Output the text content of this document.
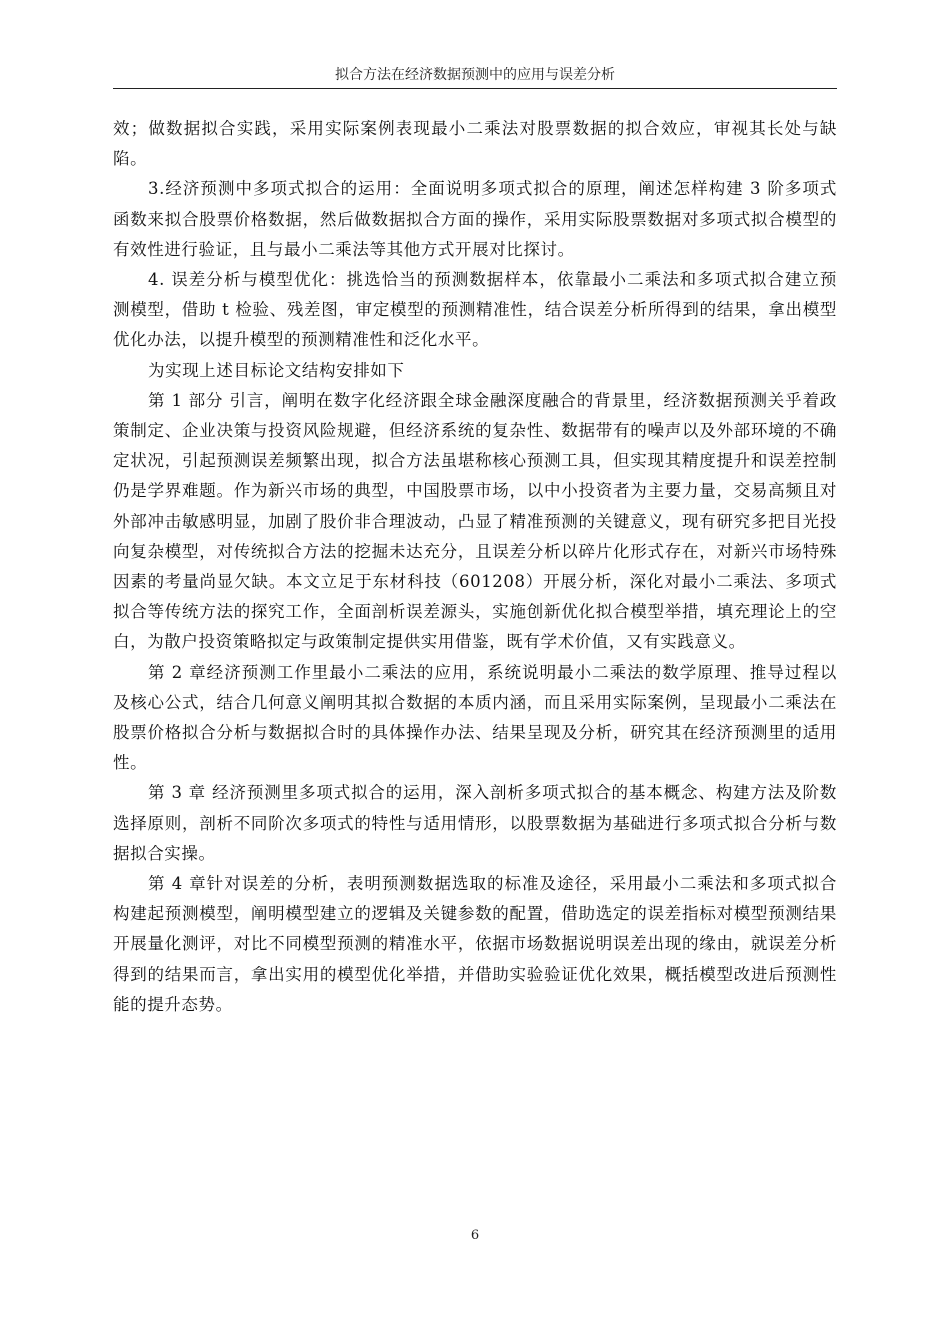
拟合方法在经济数据预测中的应用与误差分析

效；做数据拟合实践，采用实际案例表现最小二乘法对股票数据的拟合效应，审视其长处与缺陷。

3.经济预测中多项式拟合的运用：全面说明多项式拟合的原理，阐述怎样构建 3 阶多项式函数来拟合股票价格数据，然后做数据拟合方面的操作，采用实际股票数据对多项式拟合模型的有效性进行验证，且与最小二乘法等其他方式开展对比探讨。

4. 误差分析与模型优化：挑选恰当的预测数据样本，依靠最小二乘法和多项式拟合建立预测模型，借助 t 检验、残差图，审定模型的预测精准性，结合误差分析所得到的结果，拿出模型优化办法，以提升模型的预测精准性和泛化水平。

为实现上述目标论文结构安排如下

第 1 部分 引言，阐明在数字化经济跟全球金融深度融合的背景里，经济数据预测关乎着政策制定、企业决策与投资风险规避，但经济系统的复杂性、数据带有的噪声以及外部环境的不确定状况，引起预测误差频繁出现，拟合方法虽堪称核心预测工具，但实现其精度提升和误差控制仍是学界难题。作为新兴市场的典型，中国股票市场，以中小投资者为主要力量，交易高频且对外部冲击敏感明显，加剧了股价非合理波动，凸显了精准预测的关键意义，现有研究多把目光投向复杂模型，对传统拟合方法的挖掘未达充分，且误差分析以碎片化形式存在，对新兴市场特殊因素的考量尚显欠缺。本文立足于东材科技（601208）开展分析，深化对最小二乘法、多项式拟合等传统方法的探究工作，全面剖析误差源头，实施创新优化拟合模型举措，填充理论上的空白，为散户投资策略拟定与政策制定提供实用借鉴，既有学术价值，又有实践意义。

第 2 章经济预测工作里最小二乘法的应用，系统说明最小二乘法的数学原理、推导过程以及核心公式，结合几何意义阐明其拟合数据的本质内涵，而且采用实际案例，呈现最小二乘法在股票价格拟合分析与数据拟合时的具体操作办法、结果呈现及分析，研究其在经济预测里的适用性。

第 3 章 经济预测里多项式拟合的运用，深入剖析多项式拟合的基本概念、构建方法及阶数选择原则，剖析不同阶次多项式的特性与适用情形，以股票数据为基础进行多项式拟合分析与数据拟合实操。

第 4 章针对误差的分析，表明预测数据选取的标准及途径，采用最小二乘法和多项式拟合构建起预测模型，阐明模型建立的逻辑及关键参数的配置，借助选定的误差指标对模型预测结果开展量化测评，对比不同模型预测的精准水平，依据市场数据说明误差出现的缘由，就误差分析得到的结果而言，拿出实用的模型优化举措，并借助实验验证优化效果，概括模型改进后预测性能的提升态势。

6
